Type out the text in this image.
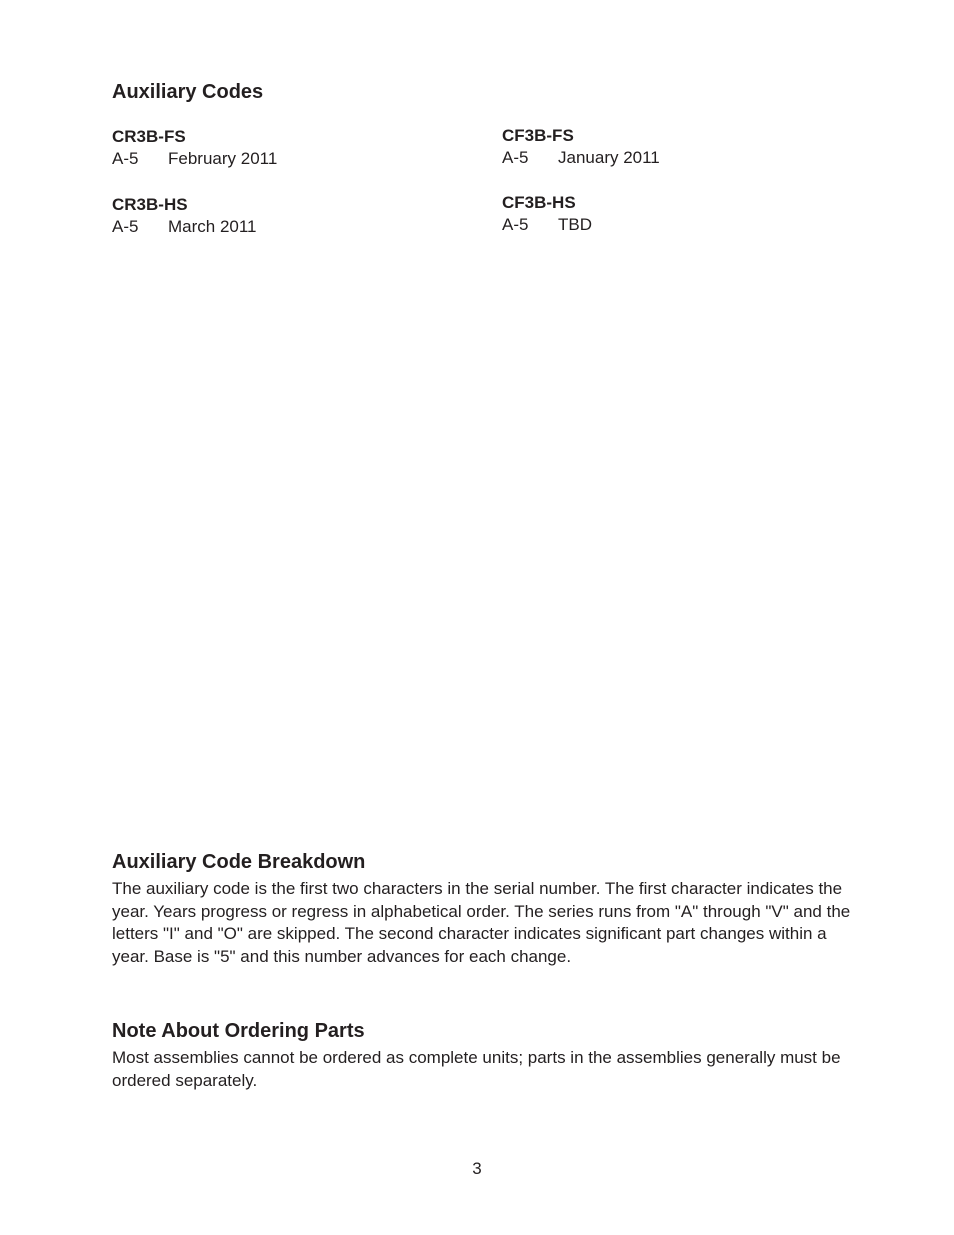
Auxiliary Codes

CR3B-FS

A-5 February 2011

CR3B-HS

A-5 March 2011

CF3B-FS

A-5 January 2011

CF3B-HS

A-5 TBD

Auxiliary Code Breakdown

The auxiliary code is the first two characters in the serial number. The first character indicates the year. Years progress or regress in alphabetical order. The series runs from "A" through "V" and the letters "I" and "O" are skipped. The second character indicates significant part changes within a year. Base is "5" and this number advances for each change.

Note About Ordering Parts

Most assemblies cannot be ordered as complete units; parts in the assemblies generally must be ordered separately.

3
